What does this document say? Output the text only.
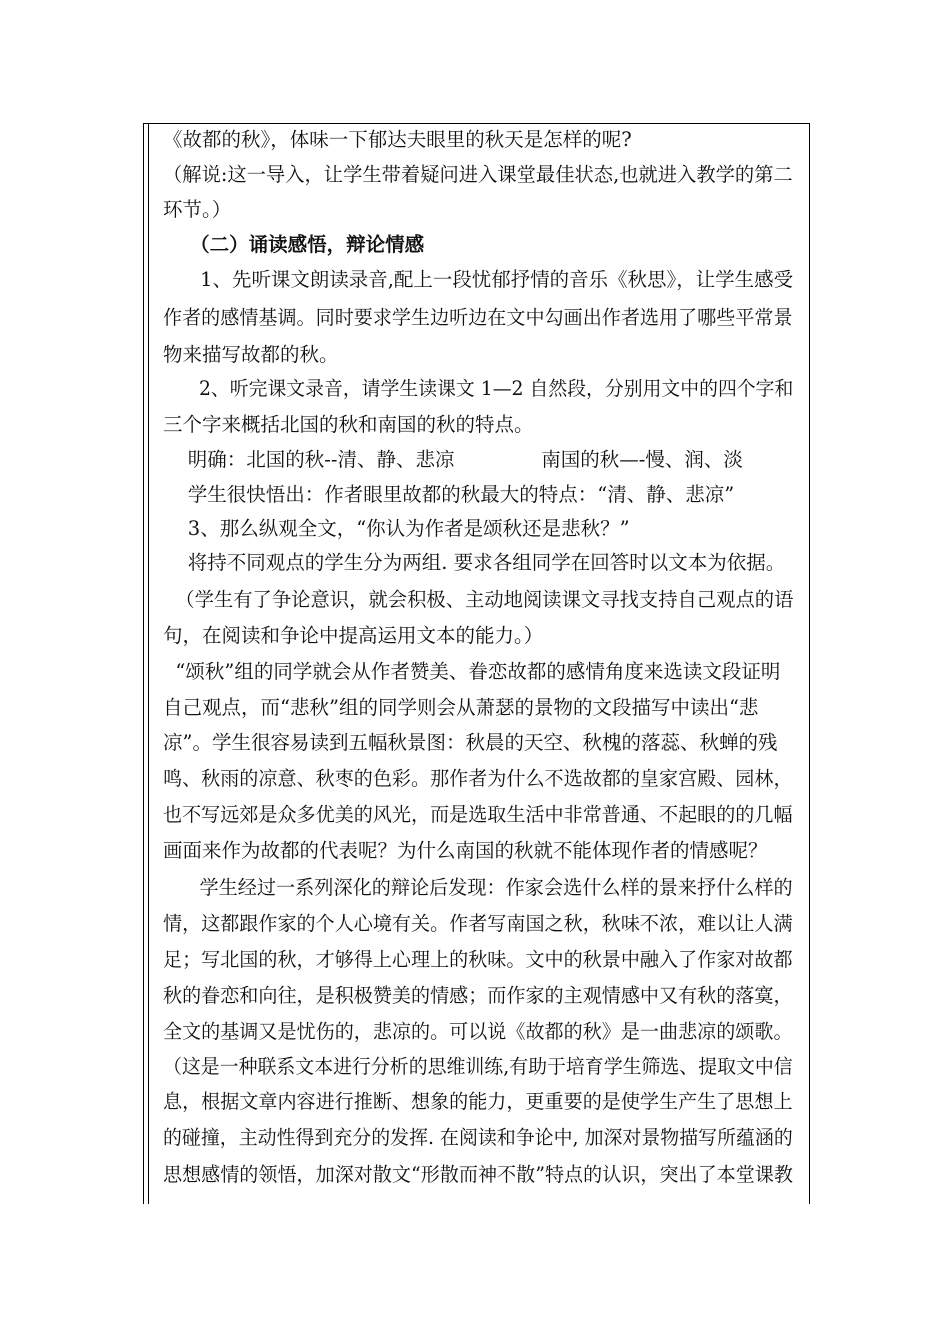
《故都的秋》，体味一下郁达夫眼里的秋天是怎样的呢?
（解说:这一导入，让学生带着疑问进入课堂最佳状态,也就进入教学的第二
环节。）
（二）诵读感悟，辩论情感
1、先听课文朗读录音,配上一段忧郁抒情的音乐《秋思》，让学生感受
作者的感情基调。同时要求学生边听边在文中勾画出作者选用了哪些平常景
物来描写故都的秋。
2、听完课文录音，请学生读课文 1—2 自然段，分别用文中的四个字和
三个字来概括北国的秋和南国的秋的特点。
明确：北国的秋--清、静、悲凉              南国的秋—-慢、润、淡
学生很快悟出：作者眼里故都的秋最大的特点：“清、静、悲凉”
3、那么纵观全文，“你认为作者是颂秋还是悲秋？”
将持不同观点的学生分为两组. 要求各组同学在回答时以文本为依据。
（学生有了争论意识，就会积极、主动地阅读课文寻找支持自己观点的语
句，在阅读和争论中提高运用文本的能力。）
“颂秋”组的同学就会从作者赞美、眷恋故都的感情角度来选读文段证明
自己观点，而“悲秋”组的同学则会从萧瑟的景物的文段描写中读出“悲
凉”。学生很容易读到五幅秋景图：秋晨的天空、秋槐的落蕊、秋蝉的残
鸣、秋雨的凉意、秋枣的色彩。那作者为什么不选故都的皇家宫殿、园林，
也不写远郊是众多优美的风光，而是选取生活中非常普通、不起眼的的几幅
画面来作为故都的代表呢？为什么南国的秋就不能体现作者的情感呢？
学生经过一系列深化的辩论后发现：作家会选什么样的景来抒什么样的
情，这都跟作家的个人心境有关。作者写南国之秋，秋味不浓，难以让人满
足；写北国的秋，才够得上心理上的秋味。文中的秋景中融入了作家对故都
秋的眷恋和向往，是积极赞美的情感；而作家的主观情感中又有秋的落寞，
全文的基调又是忧伤的，悲凉的。可以说《故都的秋》是一曲悲凉的颂歌。
（这是一种联系文本进行分析的思维训练,有助于培育学生筛选、提取文中信
息，根据文章内容进行推断、想象的能力，更重要的是使学生产生了思想上
的碰撞，主动性得到充分的发挥. 在阅读和争论中, 加深对景物描写所蕴涵的
思想感情的领悟，加深对散文“形散而神不散”特点的认识，突出了本堂课教
